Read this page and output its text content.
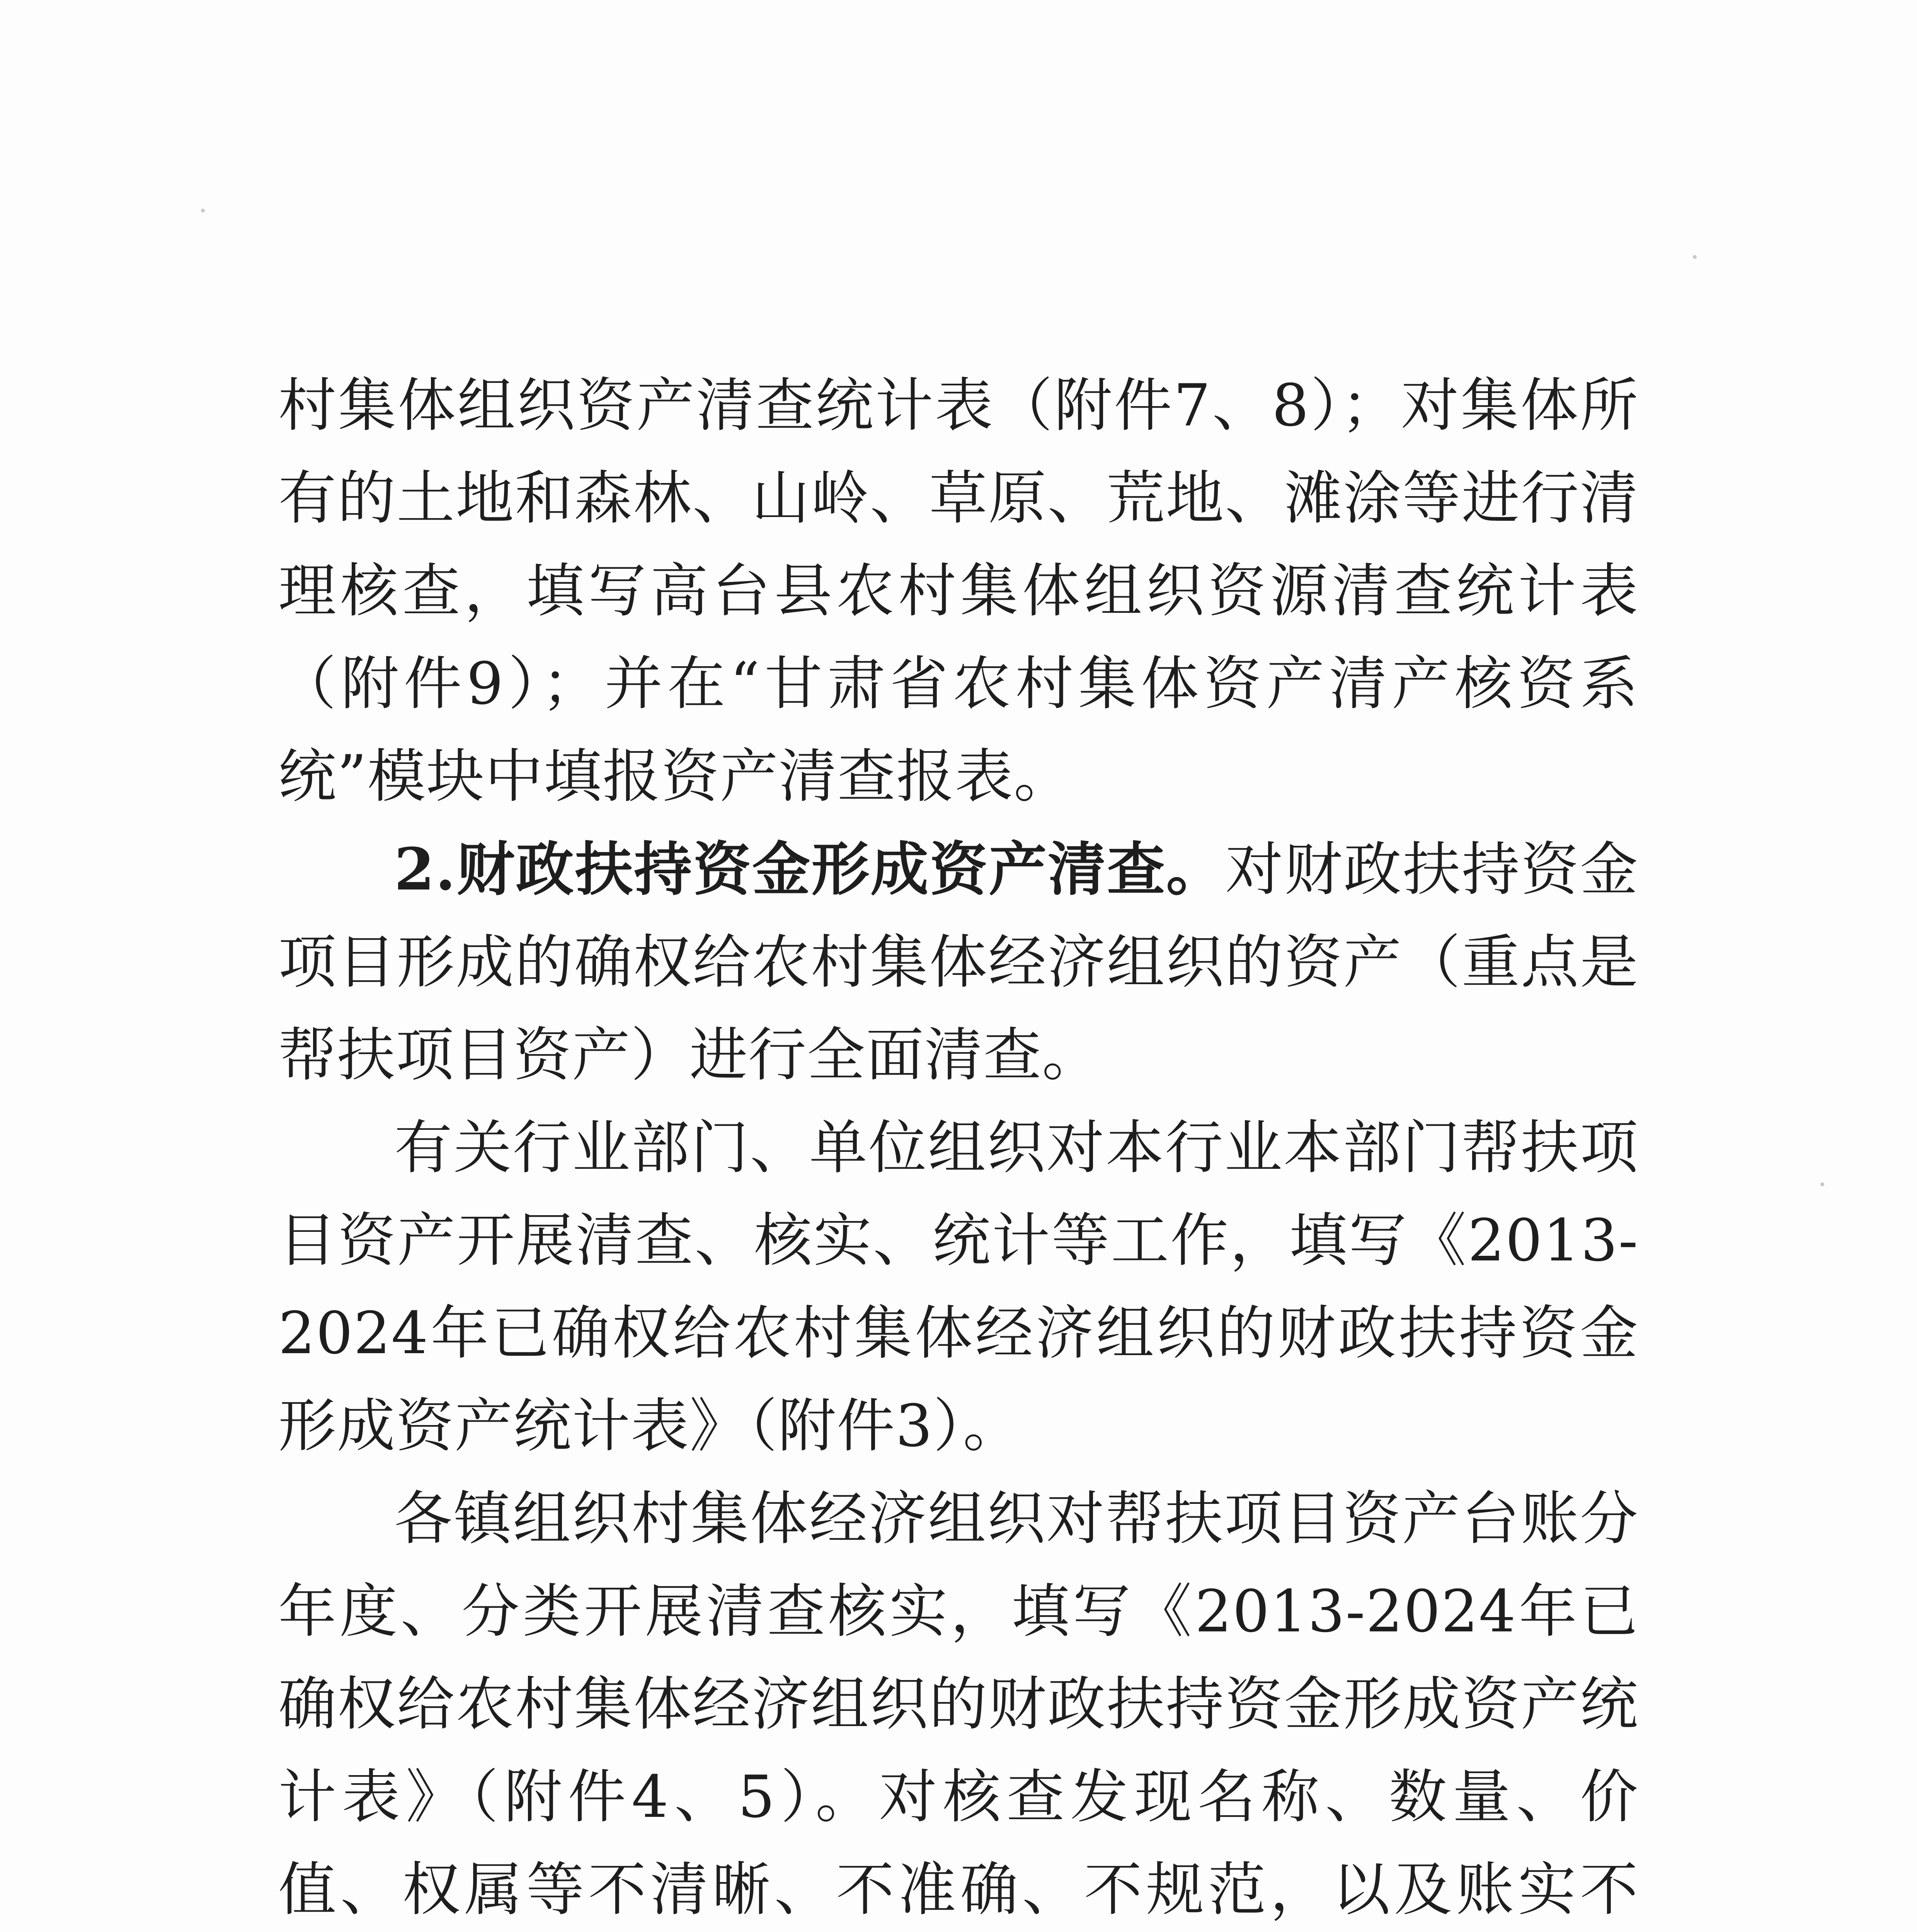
村集体组织资产清查统计表（附件7、8）；对集体所有的土地和森林、山岭、草原、荒地、滩涂等进行清理核查，填写高台县农村集体组织资源清查统计表（附件9）；并在“甘肃省农村集体资产清产核资系统”模块中填报资产清查报表。

2.财政扶持资金形成资产清查。对财政扶持资金项目形成的确权给农村集体经济组织的资产（重点是帮扶项目资产）进行全面清查。

有关行业部门、单位组织对本行业本部门帮扶项目资产开展清查、核实、统计等工作，填写《2013-2024年已确权给农村集体经济组织的财政扶持资金形成资产统计表》（附件3）。

各镇组织村集体经济组织对帮扶项目资产台账分年度、分类开展清查核实，填写《2013-2024年已确权给农村集体经济组织的财政扶持资金形成资产统计表》（附件4、5）。对核查发现名称、数量、价值、权属等不清晰、不准确、不规范，以及账实不
